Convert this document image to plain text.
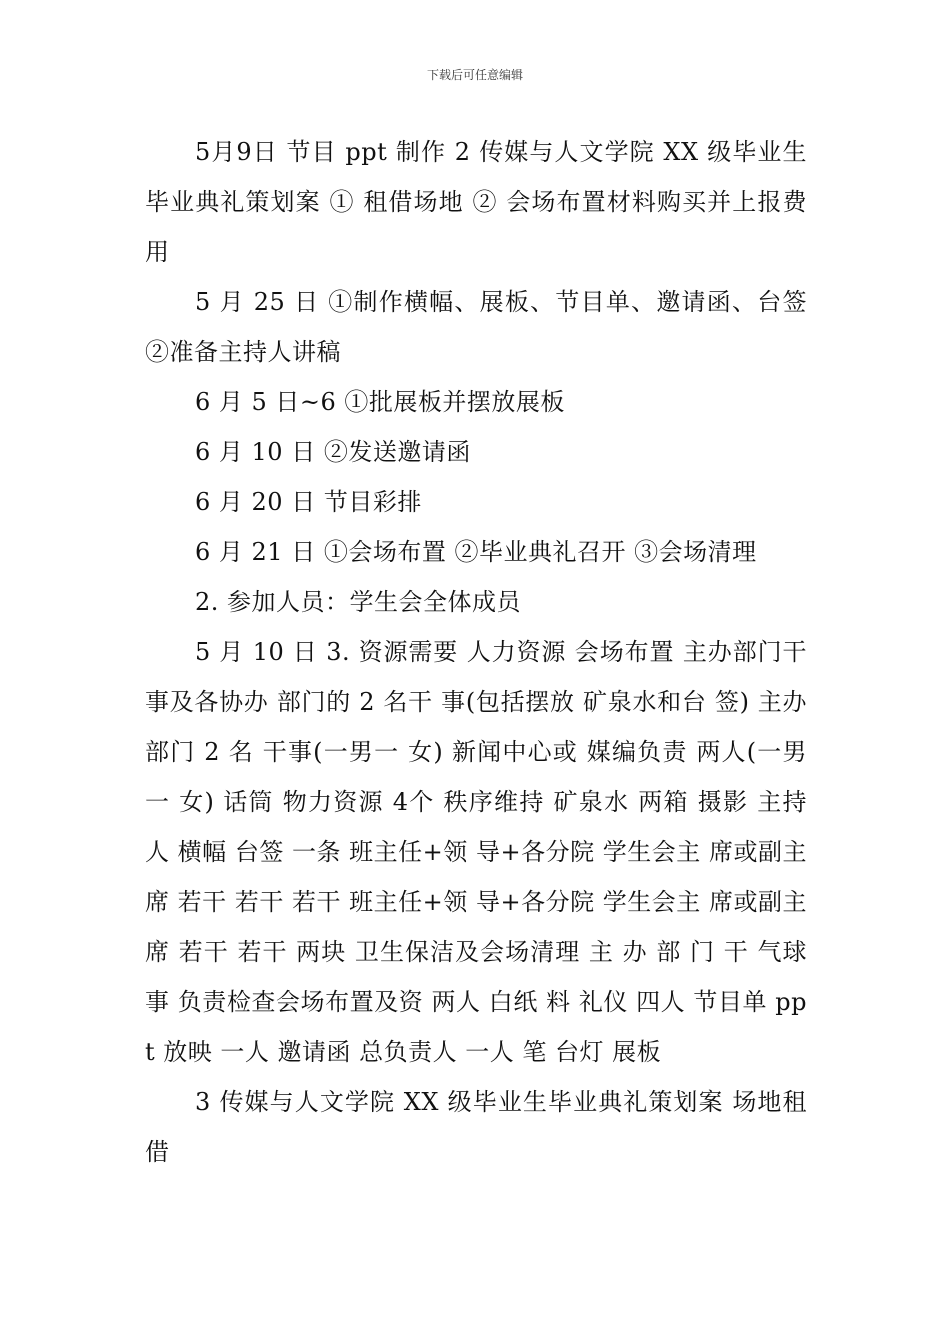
下载后可任意编辑

5月9日 节目 ppt 制作 2 传媒与人文学院 XX 级毕业生毕业典礼策划案 ① 租借场地 ② 会场布置材料购买并上报费用

5 月 25 日 ①制作横幅、展板、节目单、邀请函、台签 ②准备主持人讲稿

6 月 5 日~6 ①批展板并摆放展板

6 月 10 日 ②发送邀请函

6 月 20 日 节目彩排

6 月 21 日 ①会场布置 ②毕业典礼召开 ③会场清理

2. 参加人员：学生会全体成员

5 月 10 日 3. 资源需要 人力资源 会场布置 主办部门干 事及各协办 部门的 2 名干 事(包括摆放 矿泉水和台 签) 主办部门 2 名 干事(一男一 女) 新闻中心或 媒编负责 两人(一男一 女) 话筒 物力资源 4个 秩序维持 矿泉水 两箱 摄影 主持人 横幅 台签 一条 班主任+领 导+各分院 学生会主 席或副主 席 若干 若干 若干 班主任+领 导+各分院 学生会主 席或副主 席 若干 若干 两块 卫生保洁及会场清理 主 办 部 门 干 气球 事 负责检查会场布置及资 两人 白纸 料 礼仪 四人 节目单 ppt 放映 一人 邀请函 总负责人 一人 笔 台灯 展板

3 传媒与人文学院 XX 级毕业生毕业典礼策划案 场地租借
